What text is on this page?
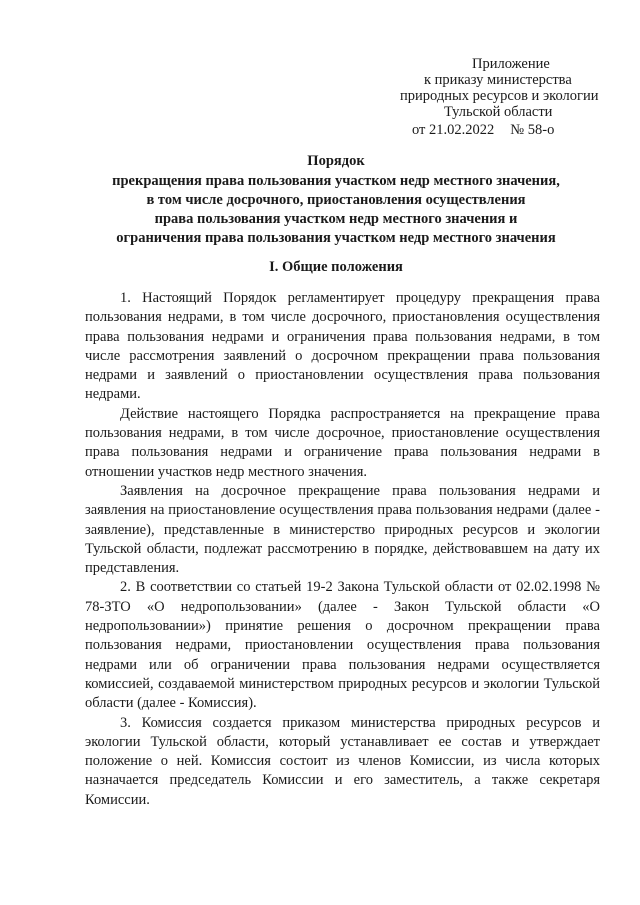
Приложение
к приказу министерства
природных ресурсов и экологии
Тульской области
от 21.02.2022 № 58-о
Порядок
прекращения права пользования участком недр местного значения,
в том числе досрочного, приостановления осуществления
права пользования участком недр местного значения и
ограничения права пользования участком недр местного значения
I. Общие положения

1. Настоящий Порядок регламентирует процедуру прекращения права пользования недрами, в том числе досрочного, приостановления осуществления права пользования недрами и ограничения права пользования недрами, в том числе рассмотрения заявлений о досрочном прекращении права пользования недрами и заявлений о приостановлении осуществления права пользования недрами.

Действие настоящего Порядка распространяется на прекращение права пользования недрами, в том числе досрочное, приостановление осуществления права пользования недрами и ограничение права пользования недрами в отношении участков недр местного значения.

Заявления на досрочное прекращение права пользования недрами и заявления на приостановление осуществления права пользования недрами (далее - заявление), представленные в министерство природных ресурсов и экологии Тульской области, подлежат рассмотрению в порядке, действовавшем на дату их представления.

2. В соответствии со статьей 19-2 Закона Тульской области от 02.02.1998 № 78-ЗТО «О недропользовании» (далее - Закон Тульской области «О недропользовании») принятие решения о досрочном прекращении права пользования недрами, приостановлении осуществления права пользования недрами или об ограничении права пользования недрами осуществляется комиссией, создаваемой министерством природных ресурсов и экологии Тульской области (далее - Комиссия).

3. Комиссия создается приказом министерства природных ресурсов и экологии Тульской области, который устанавливает ее состав и утверждает положение о ней. Комиссия состоит из членов Комиссии, из числа которых назначается председатель Комиссии и его заместитель, а также секретаря Комиссии.
